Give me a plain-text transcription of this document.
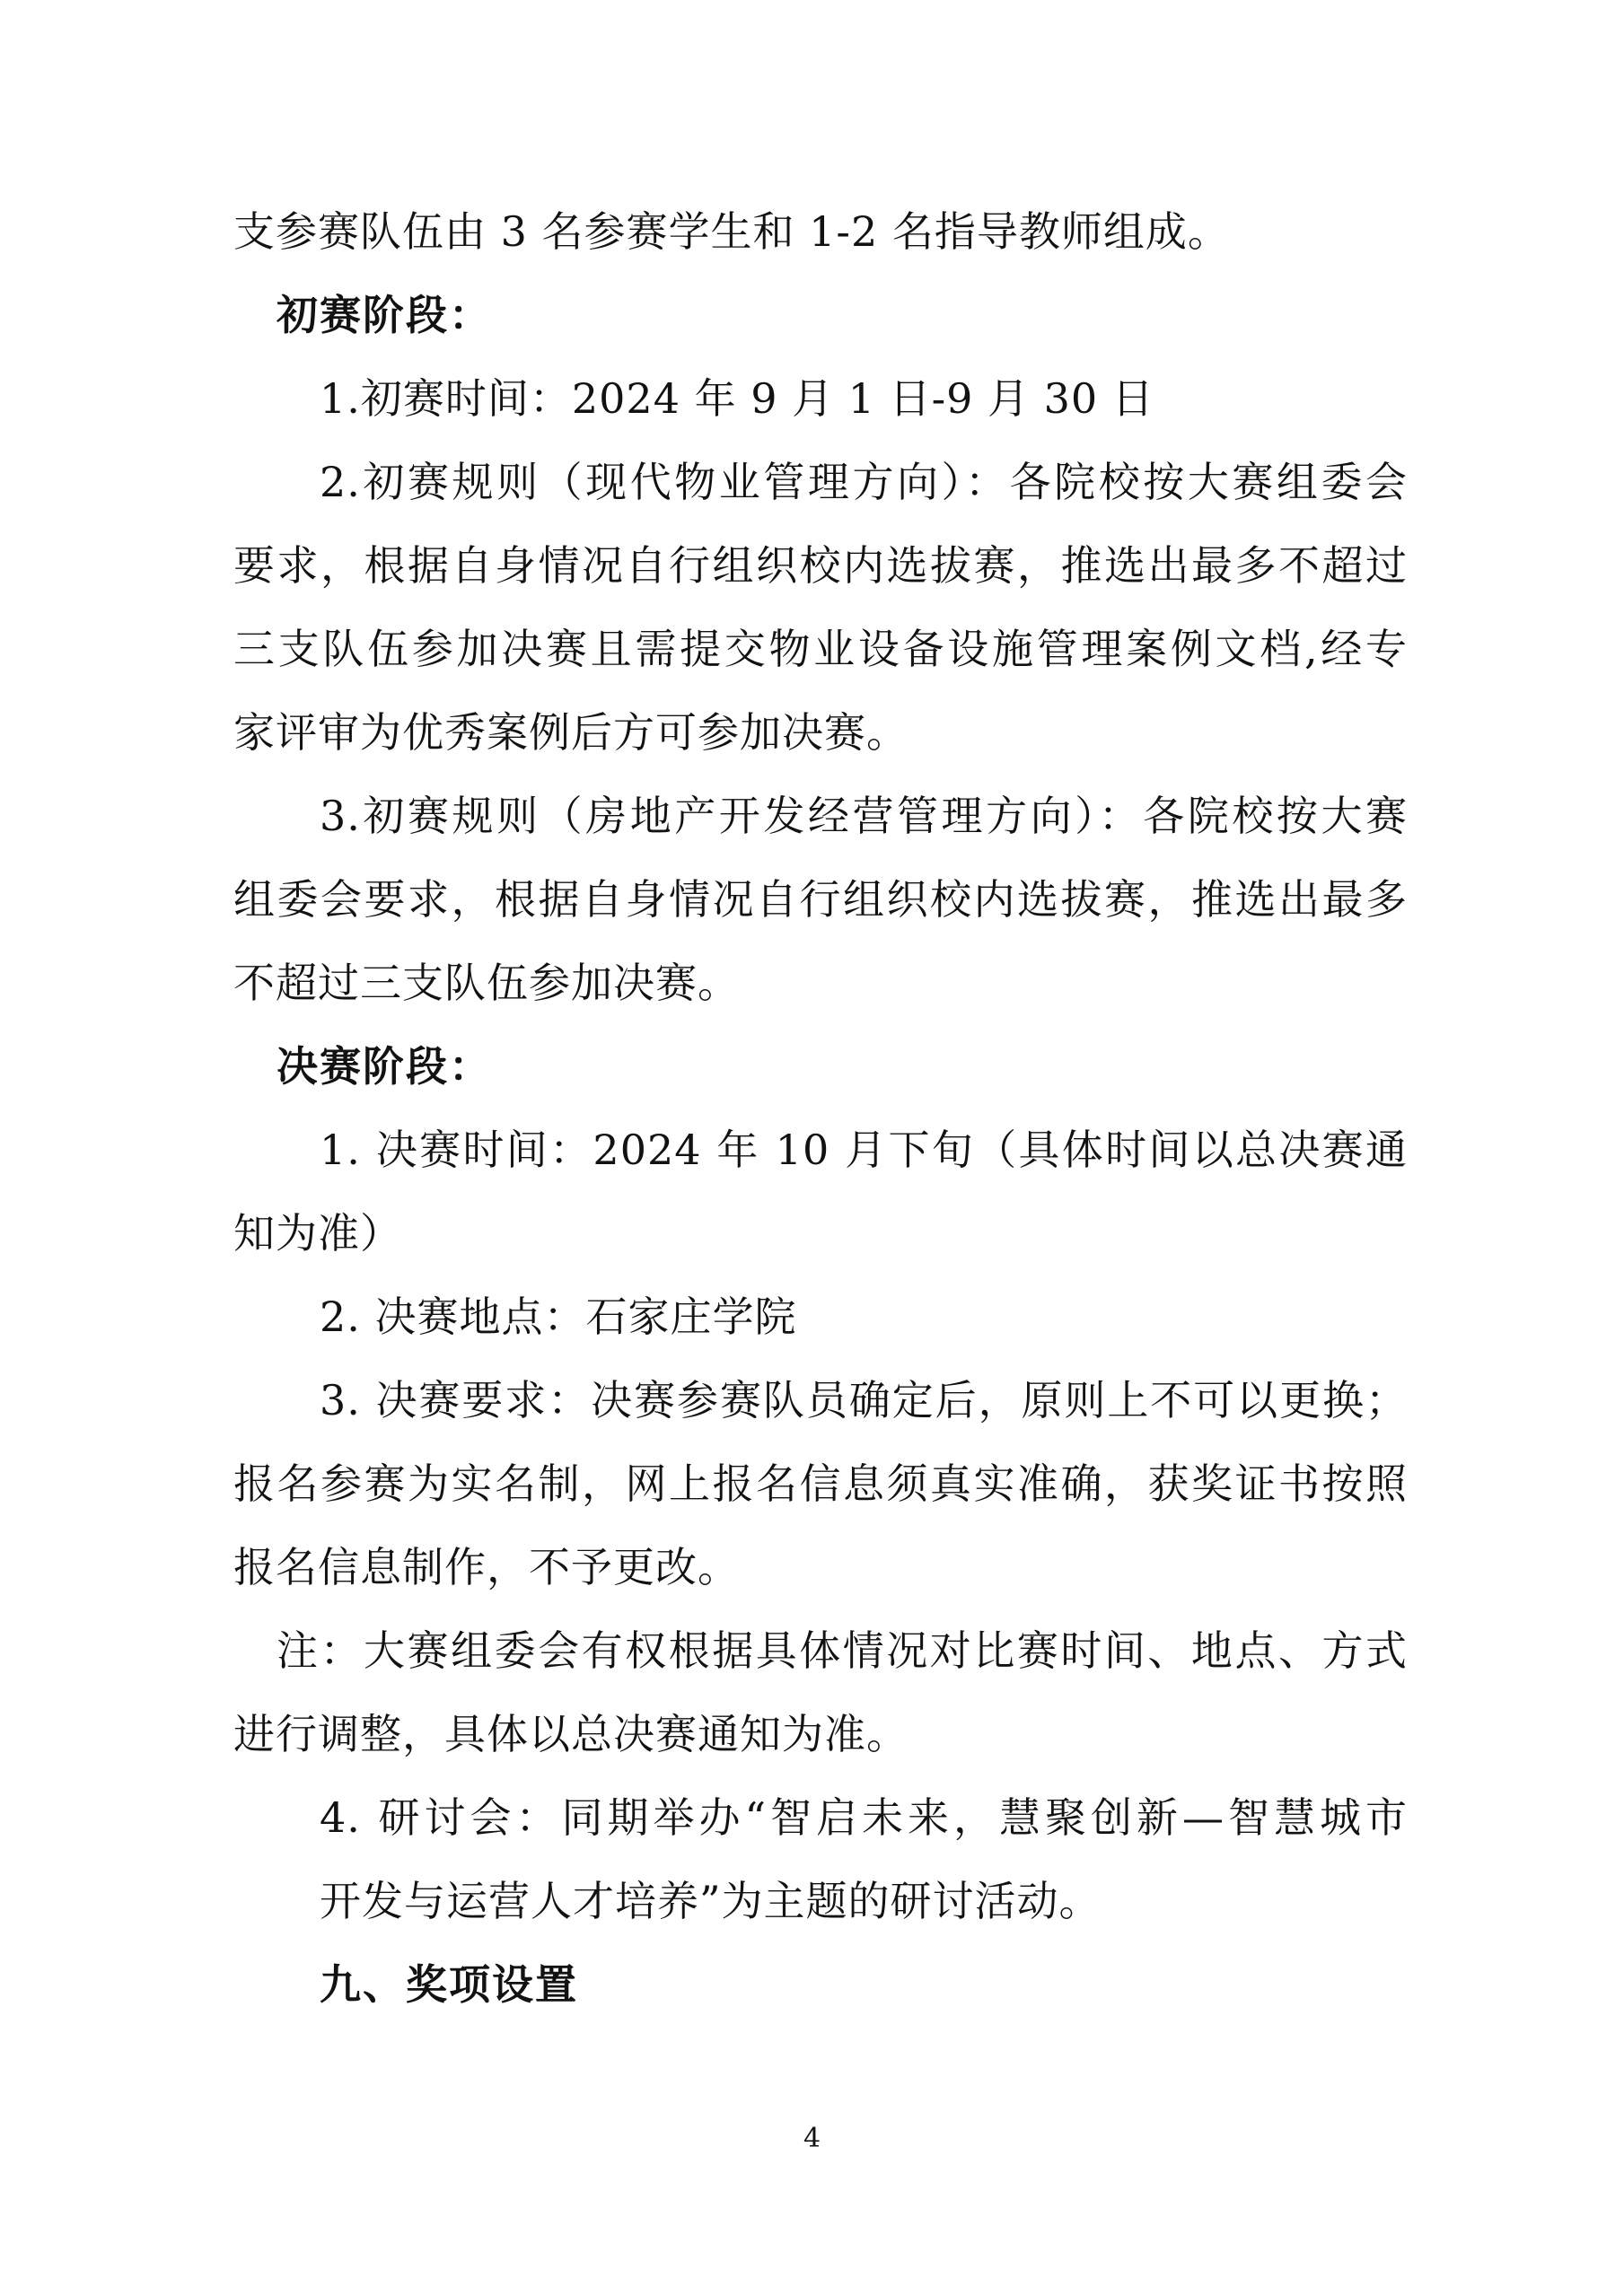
支参赛队伍由 3 名参赛学生和 1-2 名指导教师组成。
初赛阶段：
1.初赛时间：2024 年 9 月 1 日-9 月 30 日
2.初赛规则（现代物业管理方向）：各院校按大赛组委会
要求，根据自身情况自行组织校内选拔赛，推选出最多不超过
三支队伍参加决赛且需提交物业设备设施管理案例文档,经专
家评审为优秀案例后方可参加决赛。
3.初赛规则（房地产开发经营管理方向）：各院校按大赛
组委会要求，根据自身情况自行组织校内选拔赛，推选出最多
不超过三支队伍参加决赛。
决赛阶段：
1. 决赛时间：2024 年 10 月下旬（具体时间以总决赛通
知为准）
2. 决赛地点：石家庄学院
3. 决赛要求：决赛参赛队员确定后，原则上不可以更换；
报名参赛为实名制，网上报名信息须真实准确，获奖证书按照
报名信息制作，不予更改。
注：大赛组委会有权根据具体情况对比赛时间、地点、方式
进行调整，具体以总决赛通知为准。
4. 研讨会：同期举办“智启未来，慧聚创新—智慧城市
开发与运营人才培养”为主题的研讨活动。
九、奖项设置
4
